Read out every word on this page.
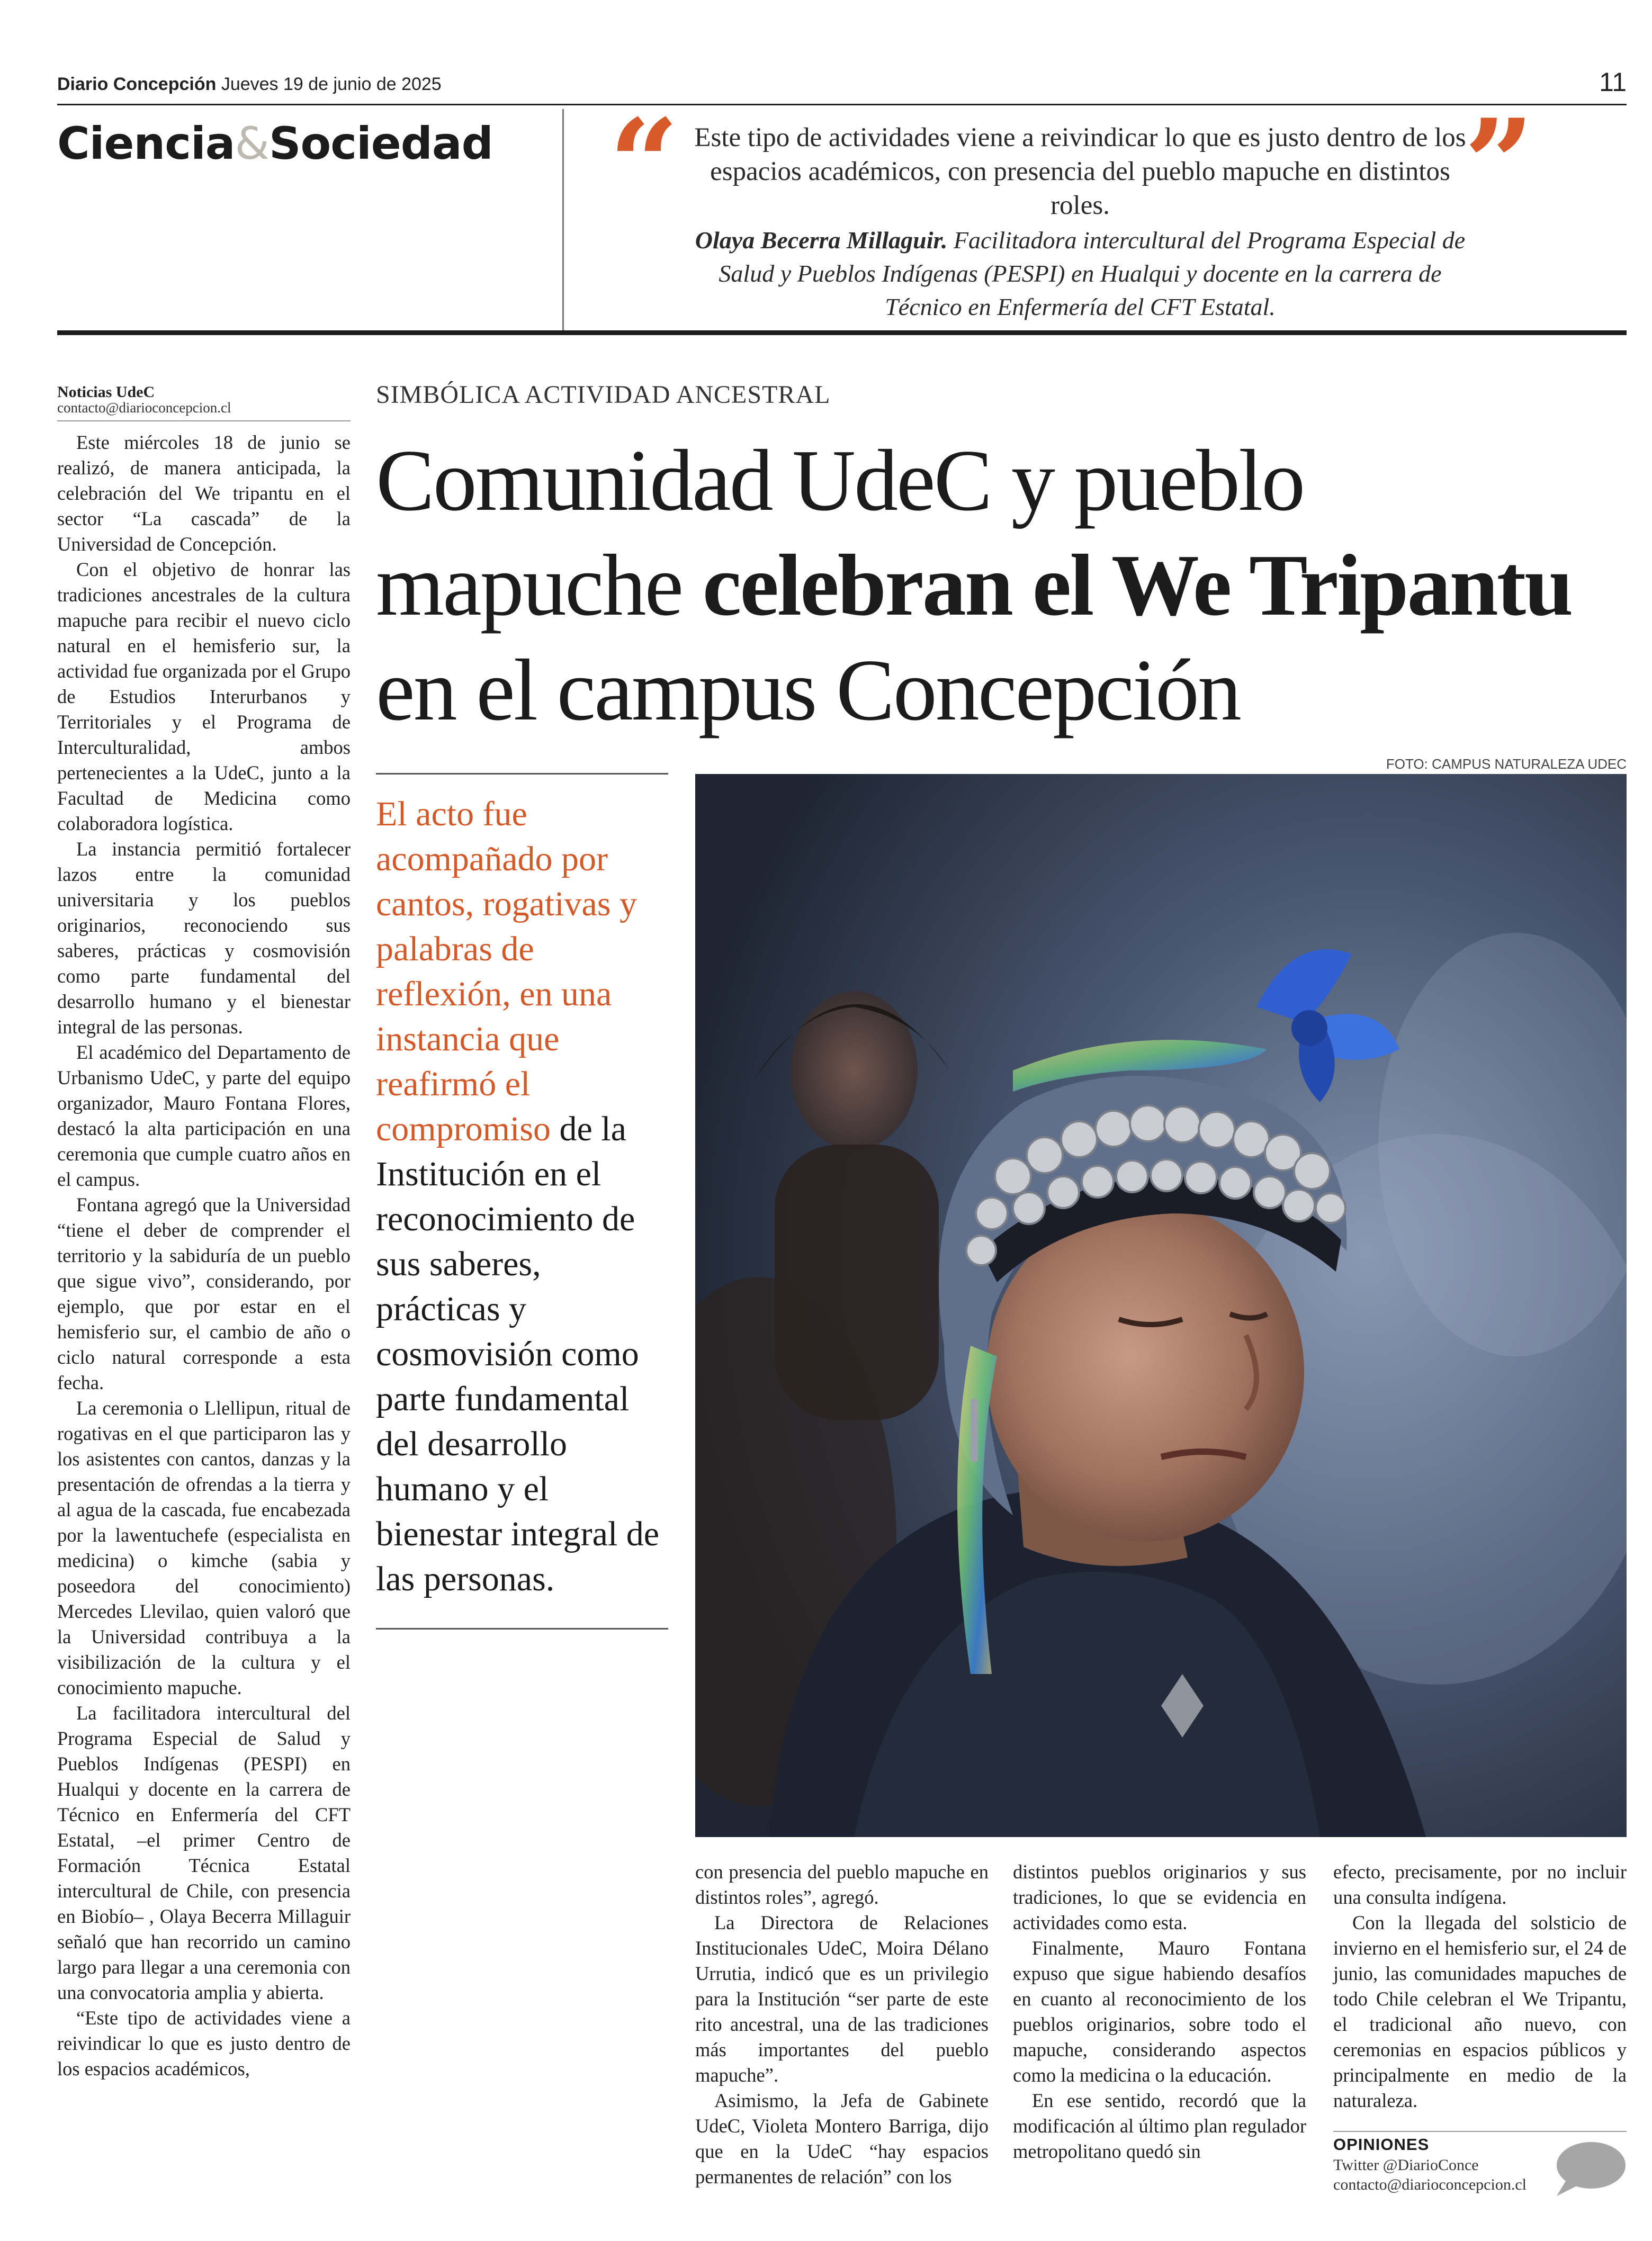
Diario Concepción Jueves 19 de junio de 2025	11
Ciencia&Sociedad “	”
Este tipo de actividades viene a reivindicar lo que es justo dentro de los espacios académicos, con presencia del pueblo mapuche en distintos roles.
Olaya Becerra Millaguir. Facilitadora intercultural del Programa Especial de Salud y Pueblos Indígenas (PESPI) en Hualqui y docente en la carrera de Técnico en Enfermería del CFT Estatal.
Noticias UdeC
contacto@diarioconcepcion.cl

Este miércoles 18 de junio se realizó, de manera anticipada, la celebración del We tripantu en el sector “La cascada” de la Universidad de Concepción.

Con el objetivo de honrar las tradiciones ancestrales de la cultura mapuche para recibir el nuevo ciclo natural en el hemisferio sur, la actividad fue organizada por el Grupo de Estudios Interurbanos y Territoriales y el Programa de Interculturalidad, ambos pertenecientes a la UdeC, junto a la Facultad de Medicina como colaboradora logística.

La instancia permitió fortalecer lazos entre la comunidad universitaria y los pueblos originarios, reconociendo sus saberes, prácticas y cosmovisión como parte fundamental del desarrollo humano y el bienestar integral de las personas.

El académico del Departamento de Urbanismo UdeC, y parte del equipo organizador, Mauro Fontana Flores, destacó la alta participación en una ceremonia que cumple cuatro años en el campus.

Fontana agregó que la Universidad “tiene el deber de comprender el territorio y la sabiduría de un pueblo que sigue vivo”, considerando, por ejemplo, que por estar en el hemisferio sur, el cambio de año o ciclo natural corresponde a esta fecha.

La ceremonia o Llellipun, ritual de rogativas en el que participaron las y los asistentes con cantos, danzas y la presentación de ofrendas a la tierra y al agua de la cascada, fue encabezada por la lawentuchefe (especialista en medicina) o kimche (sabia y poseedora del conocimiento) Mercedes Llevilao, quien valoró que la Universidad contribuya a la visibilización de la cultura y el conocimiento mapuche.

La facilitadora intercultural del Programa Especial de Salud y Pueblos Indígenas (PESPI) en Hualqui y docente en la carrera de Técnico en Enfermería del CFT Estatal, –el primer Centro de Formación Técnica Estatal intercultural de Chile, con presencia en Biobío– , Olaya Becerra Millaguir señaló que han recorrido un camino largo para llegar a una ceremonia con una convocatoria amplia y abierta.

“Este tipo de actividades viene a reivindicar lo que es justo dentro de los espacios académicos,

SIMBÓLICA ACTIVIDAD ANCESTRAL
Comunidad UdeC y pueblo
mapuche celebran el We Tripantu
en el campus Concepción
FOTO: CAMPUS NATURALEZA UDEC
El acto fue acompañado por cantos, rogativas y palabras de reflexión, en una instancia que reafirmó el compromiso de la Institución en el reconocimiento de sus saberes, prácticas y cosmovisión como parte fundamental del desarrollo humano y el bienestar integral de las personas.

con presencia del pueblo mapuche en distintos roles”, agregó.

La Directora de Relaciones Institucionales UdeC, Moira Délano Urrutia, indicó que es un privilegio para la Institución “ser parte de este rito ancestral, una de las tradiciones más importantes del pueblo mapuche”.

Asimismo, la Jefa de Gabinete UdeC, Violeta Montero Barriga, dijo que en la UdeC “hay espacios permanentes de relación” con los

distintos pueblos originarios y sus tradiciones, lo que se evidencia en actividades como esta.

Finalmente, Mauro Fontana expuso que sigue habiendo desafíos en cuanto al reconocimiento de los pueblos originarios, sobre todo el mapuche, considerando aspectos como la medicina o la educación.

En ese sentido, recordó que la modificación al último plan regulador metropolitano quedó sin

efecto, precisamente, por no incluir una consulta indígena.

Con la llegada del solsticio de invierno en el hemisferio sur, el 24 de junio, las comunidades mapuches de todo Chile celebran el We Tripantu, el tradicional año nuevo, con ceremonias en espacios públicos y principalmente en medio de la naturaleza.

OPINIONES
Twitter @DiarioConce
contacto@diarioconcepcion.cl
